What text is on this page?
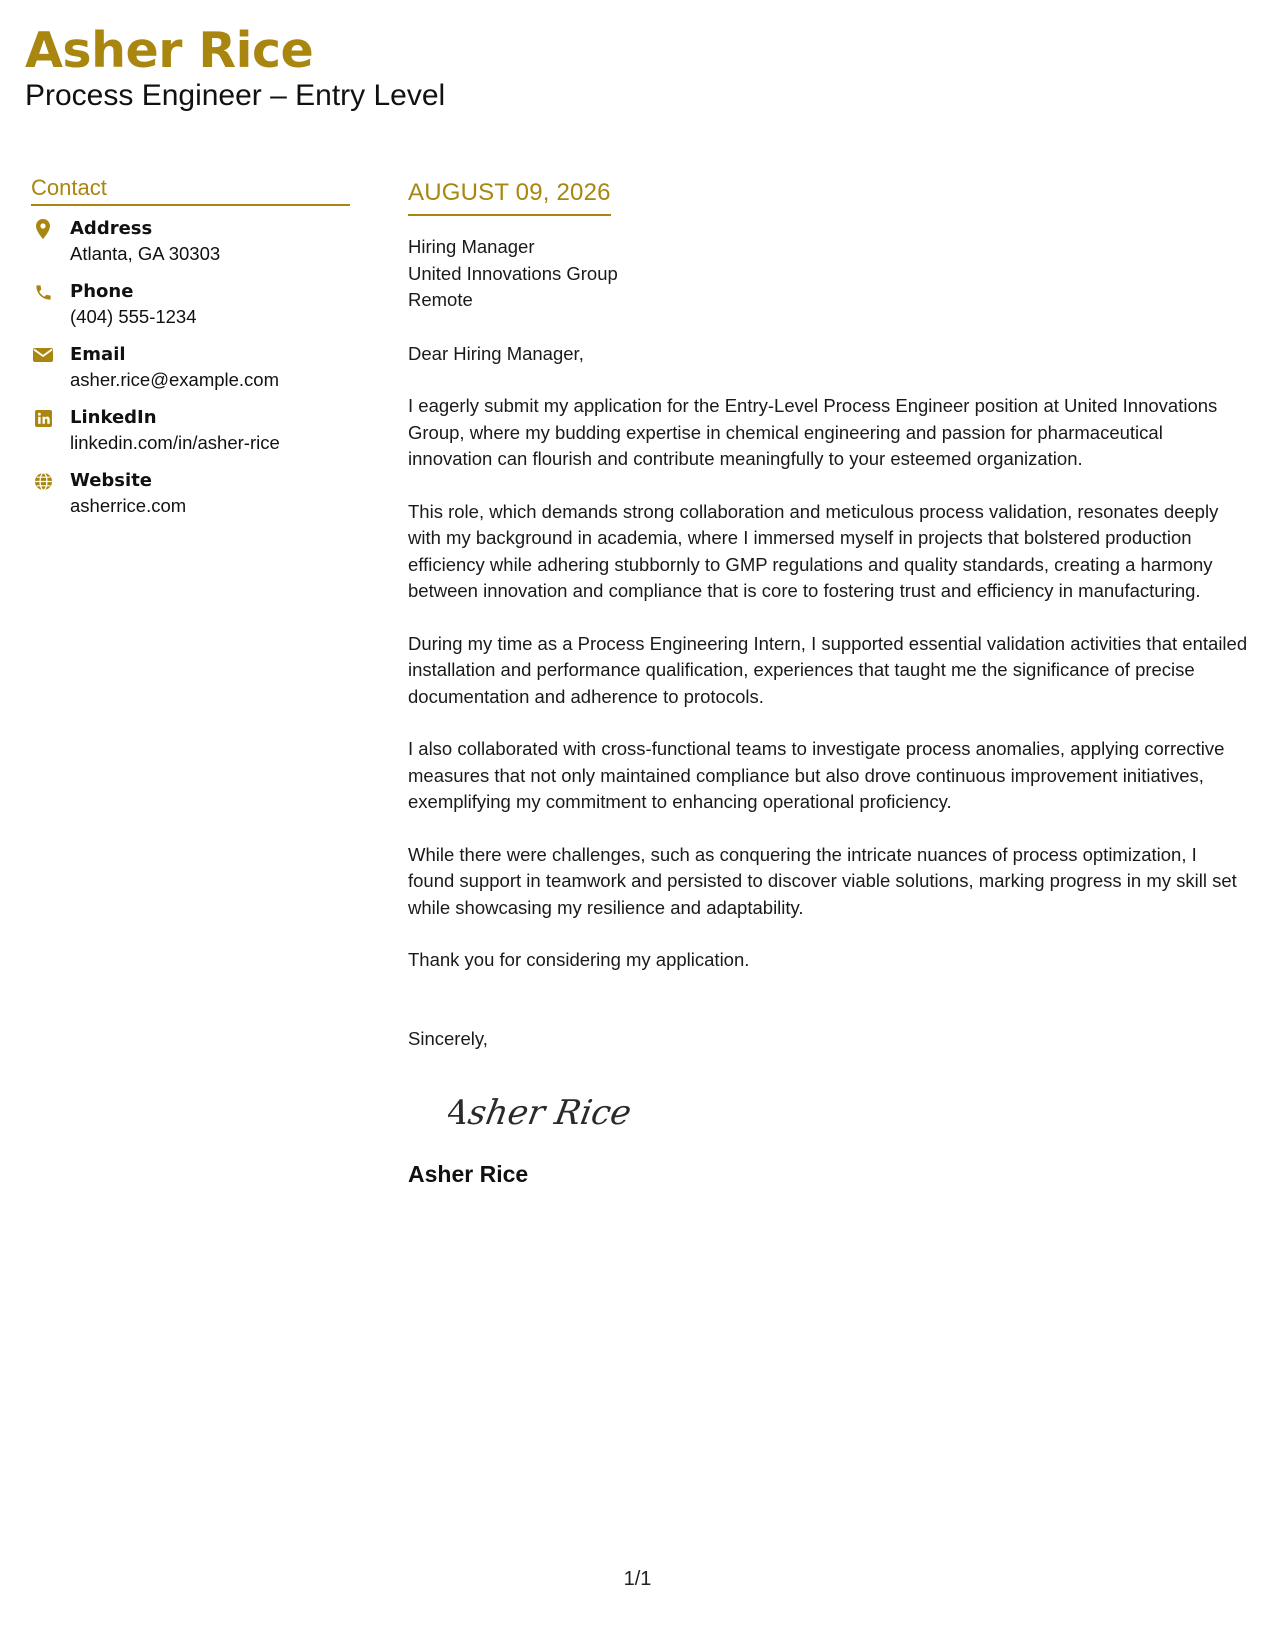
Asher Rice
Process Engineer – Entry Level
Contact
Address
Atlanta, GA 30303
Phone
(404) 555-1234
Email
asher.rice@example.com
LinkedIn
linkedin.com/in/asher-rice
Website
asherrice.com
AUGUST 09, 2026
Hiring Manager
United Innovations Group
Remote
Dear Hiring Manager,
I eagerly submit my application for the Entry-Level Process Engineer position at United Innovations Group, where my budding expertise in chemical engineering and passion for pharmaceutical innovation can flourish and contribute meaningfully to your esteemed organization.
This role, which demands strong collaboration and meticulous process validation, resonates deeply with my background in academia, where I immersed myself in projects that bolstered production efficiency while adhering stubbornly to GMP regulations and quality standards, creating a harmony between innovation and compliance that is core to fostering trust and efficiency in manufacturing.
During my time as a Process Engineering Intern, I supported essential validation activities that entailed installation and performance qualification, experiences that taught me the significance of precise documentation and adherence to protocols.
I also collaborated with cross-functional teams to investigate process anomalies, applying corrective measures that not only maintained compliance but also drove continuous improvement initiatives, exemplifying my commitment to enhancing operational proficiency.
While there were challenges, such as conquering the intricate nuances of process optimization, I found support in teamwork and persisted to discover viable solutions, marking progress in my skill set while showcasing my resilience and adaptability.
Thank you for considering my application.
Sincerely,
Asher Rice
Asher Rice
1/1
